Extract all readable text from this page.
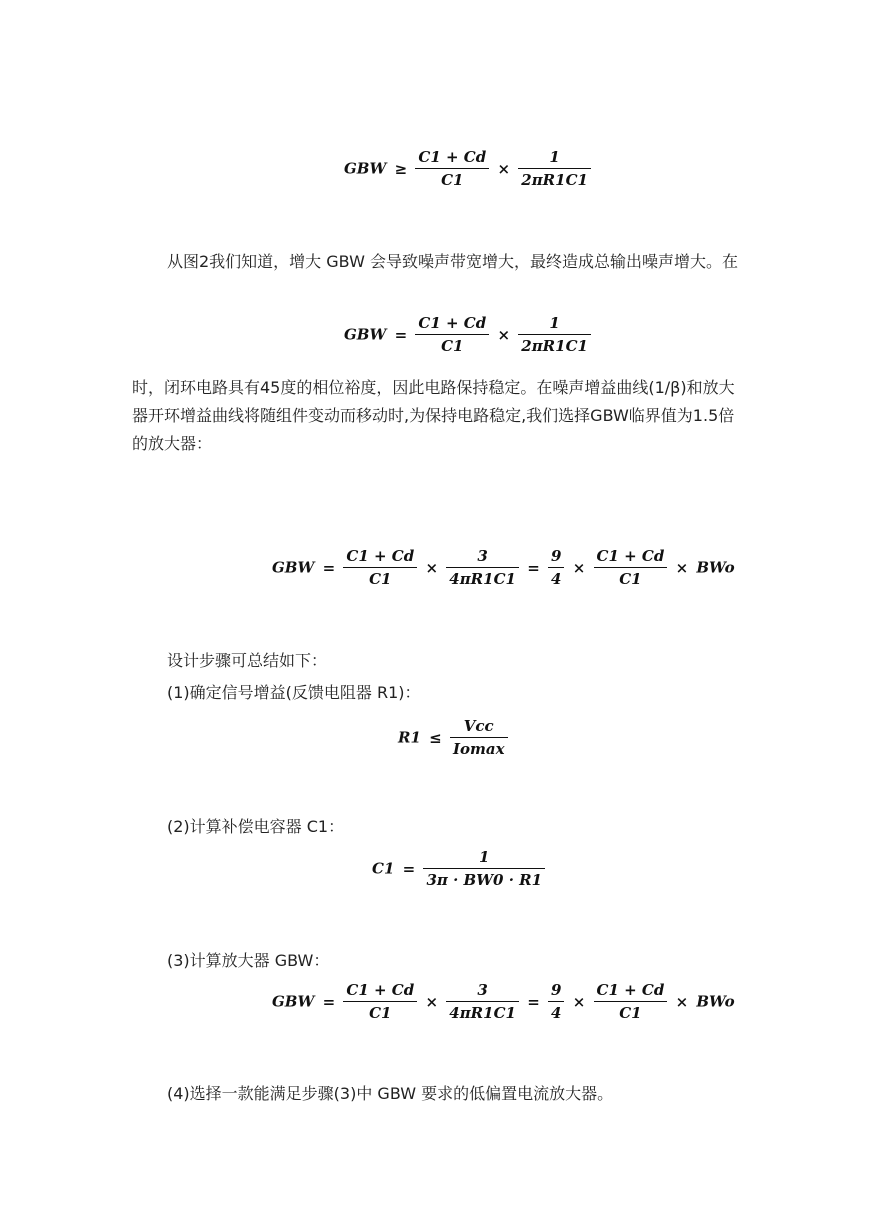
GBW ≥ $\frac{C1 + Cd}{C1} \times \frac{1}{2\pi R1C1}$

从图2我们知道，增大 GBW 会导致噪声带宽增大，最终造成总输出噪声增大。在

GBW = $\frac{C1 + Cd}{C1} \times \frac{1}{2\pi R1C1}$

时，闭环电路具有45度的相位裕度，因此电路保持稳定。在噪声增益曲线(1/β)和放大器开环增益曲线将随组件变动而移动时,为保持电路稳定,我们选择GBW临界值为1.5倍的放大器：

GBW = $\frac{C1 + Cd}{C1} \times \frac{3}{4\pi R1C1} = \frac{9}{4} \times \frac{C1 + Cd}{C1}$ × BWo

设计步骤可总结如下：

(1)确定信号增益(反馈电阻器 R1)：

$R1 \le \frac{\text{Vcc}}{Iomax}$

(2)计算补偿电容器 C1：

$C1 = \frac{1}{3\pi \cdot BW0 \cdot R1}$

(3)计算放大器 GBW：

GBW = $\frac{C1 + Cd}{C1} \times \frac{3}{4\pi R1C1} = \frac{9}{4} \times \frac{C1 + Cd}{C1}$ × BWo

(4)选择一款能满足步骤(3)中 GBW 要求的低偏置电流放大器。
